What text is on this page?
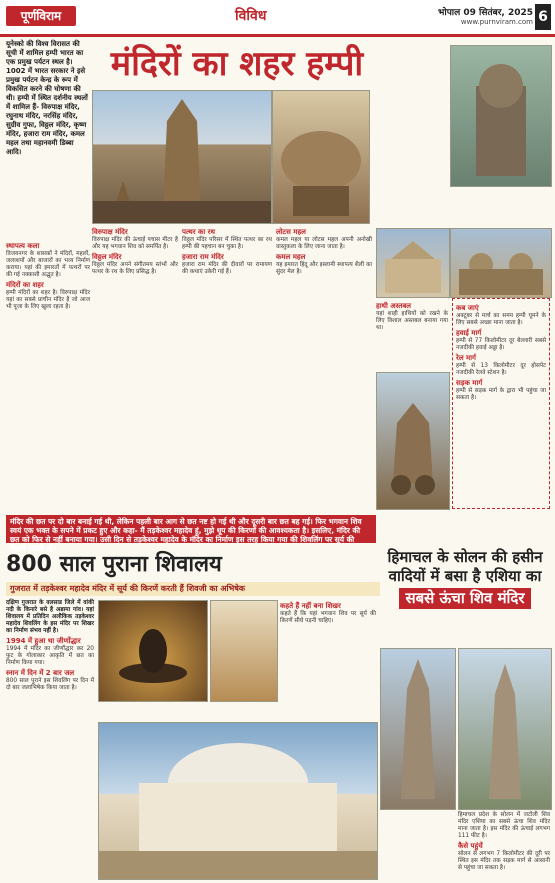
पूर्णविराम	विविध	भोपाल 09 सितंबर, 2025
www.purnviram.com 6
यूनेस्को की विश्व विरासत की सूची में शामिल हम्पी भारत का एक प्रमुख पर्यटन स्थल है। 1002 में भारत सरकार ने इसे प्रमुख पर्यटन केन्द्र के रूप में विकसित करने की घोषणा की थी। हम्पी में स्थित दर्शनीय स्थलों में शामिल हैं- विरुपाक्ष मंदिर, रघुनाथ मंदिर, नरसिंह मंदिर, सुग्रीव गुफा, विठ्ठल मंदिर, कृष्ण मंदिर, हजारा राम मंदिर, कमल महल तथा महानवमी डिब्बा आदि।
मंदिरों का शहर हम्पी
स्थापत्य कला
विजयनगर के शासकों ने मंदिरों, महलों, जलाशयों और बाजारों का भव्य निर्माण कराया। यहां की इमारतों में पत्थरों पर की गई नक्काशी अद्भुत है।
मंदिरों का शहर
हम्पी मंदिरों का शहर है। विरुपाक्ष मंदिर यहां का सबसे प्राचीन मंदिर है जो आज भी पूजा के लिए खुला रहता है।
विरुपाक्ष मंदिर
विरुपाक्ष मंदिर की ऊंचाई पचास मीटर है और यह भगवान शिव को समर्पित है।
विठ्ठल मंदिर
विठ्ठल मंदिर अपने संगीतमय स्तंभों और पत्थर के रथ के लिए प्रसिद्ध है।
पत्थर का रथ
विठ्ठल मंदिर परिसर में स्थित पत्थर का रथ हम्पी की पहचान बन चुका है।
हजारा राम मंदिर
हजारा राम मंदिर की दीवारों पर रामायण की कथाएं उकेरी गई हैं।
लोटस महल
कमल महल या लोटस महल अपनी अनोखी वास्तुकला के लिए जाना जाता है।
कमल महल
यह इमारत हिंदू और इस्लामी स्थापत्य शैली का सुंदर मेल है।
हाथी अस्तबल
यहां शाही हाथियों को रखने के लिए विशाल अस्तबल बनाया गया था।
कब जाएं
अक्टूबर से मार्च का समय हम्पी घूमने के लिए सबसे अच्छा माना जाता है।
हवाई मार्ग
हम्पी से 77 किलोमीटर दूर बेल्लारी सबसे नजदीकी हवाई अड्डा है।
रेल मार्ग
हम्पी से 13 किलोमीटर दूर होसपेट नजदीकी रेलवे स्टेशन है।
सड़क मार्ग
हम्पी से सड़क मार्ग के द्वारा भी पहुंचा जा सकता है।
मंदिर की छत पर दो बार बनाई गई थी, लेकिन पहली बार आग से छत नष्ट हो गई थी और दूसरी बार छत बह गई। फिर भगवान शिव स्वयं एक भक्त के सपने में प्रकट हुए और कहा- मैं तड़केश्वर महादेव हूं, मुझे धूप की किरणों की आवश्यकता है। इसलिए, मंदिर की छत को फिर से नहीं बनाया गया। उसी दिन से तड़केश्वर महादेव के मंदिर का निर्माण इस तरह किया गया की शिवलिंग पर सूर्य की किरणें गिरती रहें।
800 साल पुराना शिवालय
गुजरात में तड़केश्वर महादेव मंदिर में सूर्य की किरणें करती हैं शिवजी का अभिषेक
दक्षिण गुजरात के वलसाड जिले में वांकी नदी के किनारे बसे है अब्रामा गांव। यहां शिवालय में प्रतिदिन अलौकिक तड़केश्वर महादेव शिवलिंग के इस मंदिर पर शिखर का निर्माण संभव नहीं है।
1994 में हुआ था जीर्णोद्धार
1994 में मंदिर का जीर्णोद्धार कर 20 फुट के गोलाकार आकृति में छत का निर्माण किया गया।
स्नान में दिन में 2 बार जल
800 साल पुराने इस शिवलिंग पर दिन में दो बार जलाभिषेक किया जाता है।
कहते हैं नहीं बना शिखर
कहते हैं कि यहां भगवान शिव पर सूर्य की किरणें सीधे पड़नी चाहिए।
हिमाचल के सोलन की हसीन वादियों में बसा है एशिया का
सबसे ऊंचा शिव मंदिर
हिमाचल प्रदेश के सोलन में जटोली शिव मंदिर एशिया का सबसे ऊंचा शिव मंदिर माना जाता है। इस मंदिर की ऊंचाई लगभग 111 फीट है।
कैसे पहुंचें
सोलन से लगभग 7 किलोमीटर की दूरी पर स्थित इस मंदिर तक सड़क मार्ग से आसानी से पहुंचा जा सकता है।
